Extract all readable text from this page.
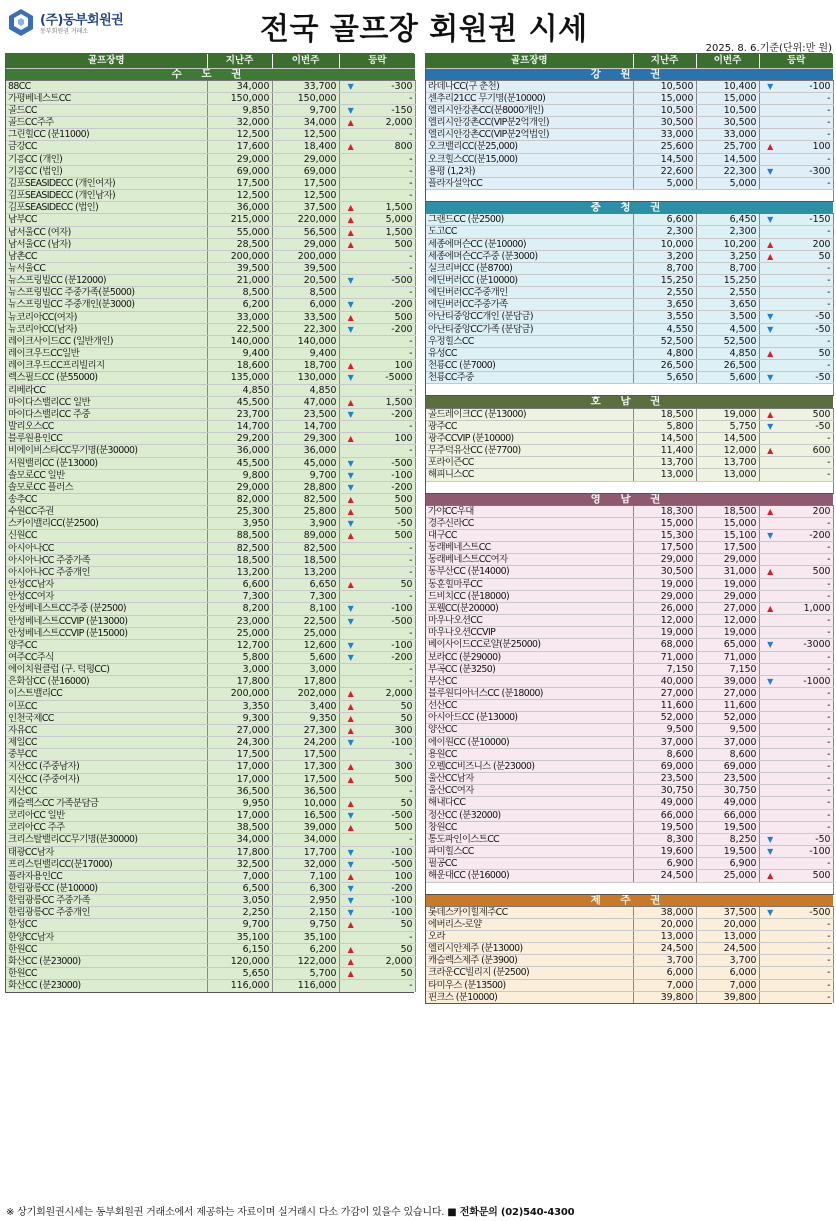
(주)동부회원권
동부회원권 거래소	전국 골프장 회원권 시세
2025. 8. 6.기준(단위:만 원)
골프장명	지난주	이번주	등락	
수 도 권				
88CC	34,000	33,700	▼	-300
가평베네스트CC	150,000	150,000		-
골드CC	9,850	9,700	▼	-150
골드CC주주	32,000	34,000	▲	2,000
그린힐CC (분11000)	12,500	12,500		-
금강CC	17,600	18,400	▲	800
기흥CC (개인)	29,000	29,000		-
기흥CC (법인)	69,000	69,000		-
김포SEASIDECC (개인여자)	17,500	17,500		-
김포SEASIDECC (개인남자)	12,500	12,500		-
김포SEASIDECC (법인)	36,000	37,500	▲	1,500
남부CC	215,000	220,000	▲	5,000
남서울CC (여자)	55,000	56,500	▲	1,500
남서울CC (남자)	28,500	29,000	▲	500
남촌CC	200,000	200,000		-
뉴서울CC	39,500	39,500		-
뉴스프링빌CC (분12000)	21,000	20,500	▼	-500
뉴스프링빌CC 주중가족(분5000)	8,500	8,500		-
뉴스프링빌CC 주중개인(분3000)	6,200	6,000	▼	-200
뉴코리아CC(여자)	33,000	33,500	▲	500
뉴코리아CC(남자)	22,500	22,300	▼	-200
레이크사이드CC (일반개인)	140,000	140,000		-
레이크우드CC일반	9,400	9,400		-
레이크우드CC프리빌리지	18,600	18,700	▲	100
렉스필드CC (분55000)	135,000	130,000	▼	-5000
리베라CC	4,850	4,850		-
마이다스밸리CC 일반	45,500	47,000	▲	1,500
마이다스밸리CC 주중	23,700	23,500	▼	-200
발리오스CC	14,700	14,700		-
블루원용인CC	29,200	29,300	▲	100
비에이비스타CC무기명(분30000)	36,000	36,000		-
서원밸리CC (분13000)	45,500	45,000	▼	-500
솔모로CC 일반	9,800	9,700	▼	-100
솔모로CC 플러스	29,000	28,800	▼	-200
송추CC	82,000	82,500	▲	500
수원CC주권	25,300	25,800	▲	500
스카이밸리CC(분2500)	3,950	3,900	▼	-50
신원CC	88,500	89,000	▲	500
아시아나CC	82,500	82,500		-
아시아나CC 주중가족	18,500	18,500		-
아시아나CC 주중개인	13,200	13,200		-
안성CC남자	6,600	6,650	▲	50
안성CC여자	7,300	7,300		-
안성베네스트CC주중 (분2500)	8,200	8,100	▼	-100
안성베네스트CCVIP (분13000)	23,000	22,500	▼	-500
안성베네스트CCVIP (분15000)	25,000	25,000		-
양주CC	12,700	12,600	▼	-100
여주CC주식	5,800	5,600	▼	-200
에이치원클럽 (구. 덕평CC)	3,000	3,000		-
은화삼CC (분16000)	17,800	17,800		-
이스트밸리CC	200,000	202,000	▲	2,000
이포CC	3,350	3,400	▲	50
인천국제CC	9,300	9,350	▲	50
자유CC	27,000	27,300	▲	300
제일CC	24,300	24,200	▼	-100
중부CC	17,500	17,500		-
지산CC (주중남자)	17,000	17,300	▲	300
지산CC (주중여자)	17,000	17,500	▲	500
지산CC	36,500	36,500		-
캐슬렉스CC 가족분담금	9,950	10,000	▲	50
코리아CC 일반	17,000	16,500	▼	-500
코리아CC 주주	38,500	39,000	▲	500
크리스탈밸리CC무기명(분30000)	34,000	34,000		-
태광CC남자	17,800	17,700	▼	-100
프리스틴밸리CC(분17000)	32,500	32,000	▼	-500
플라자용인CC	7,000	7,100	▲	100
한림광릉CC (분10000)	6,500	6,300	▼	-200
한림광릉CC 주중가족	3,050	2,950	▼	-100
한림광릉CC 주중개인	2,250	2,150	▼	-100
한성CC	9,700	9,750	▲	50
한양CC남자	35,100	35,100		-
한원CC	6,150	6,200	▲	50
화산CC (분23000)	120,000	122,000	▲	2,000
한원CC	5,650	5,700	▲	50
화산CC (분23000)	116,000	116,000		-
골프장명	지난주	이번주	등락	
강 원 권				
라데나CC(구 춘천)	10,500	10,400	▼	-100
센추리21CC 무기명(분10000)	15,000	15,000		-
엘리시안강촌CC(분8000개인)	10,500	10,500		-
엘리시안강촌CC(VIP분2억개인)	30,500	30,500		-
엘리시안강촌CC(VIP분2억법인)	33,000	33,000		-
오크밸리CC(분25,000)	25,600	25,700	▲	100
오크힐스CC(분15,000)	14,500	14,500		-
용평 (1,2차)	22,600	22,300	▼	-300
플라자설악CC	5,000	5,000		-

충 청 권				
그랜드CC (분2500)	6,600	6,450	▼	-150
도고CC	2,300	2,300		-
세종에머슨CC (분10000)	10,000	10,200	▲	200
세종에머슨CC주중 (분3000)	3,200	3,250	▲	50
실크리버CC (분8700)	8,700	8,700		-
에딘버러CC (분10000)	15,250	15,250		-
에딘버러CC주중개인	2,550	2,550		-
에딘버러CC주중가족	3,650	3,650		-
아난티중앙CC개인 (분담금)	3,550	3,500	▼	-50
아난티중앙CC가족 (분담금)	4,550	4,500	▼	-50
우정힐스CC	52,500	52,500		-
유성CC	4,800	4,850	▲	50
천룡CC (분7000)	26,500	26,500		-
천룡CC주중	5,650	5,600	▼	-50

호 남 권				
골드레이크CC (분13000)	18,500	19,000	▲	500
광주CC	5,800	5,750	▼	-50
광주CCVIP (분10000)	14,500	14,500		-
무주덕유산CC (분7700)	11,400	12,000	▲	600
포라이즌CC	13,700	13,700		-
해피니스CC	13,000	13,000		-

영 남 권				
가야CC우대	18,300	18,500	▲	200
경주신라CC	15,000	15,000		-
대구CC	15,300	15,100	▼	-200
동래베네스트CC	17,500	17,500		-
동래베네스트CC여자	29,000	29,000		-
동부산CC (분14000)	30,500	31,000	▲	500
동훈힐마루CC	19,000	19,000		-
드비치CC (분18000)	29,000	29,000		-
포웰CC(분20000)	26,000	27,000	▲	1,000
마우나오션CC	12,000	12,000		-
마우나오션CCVIP	19,000	19,000		-
베이사이드CC로얄(분25000)	68,000	65,000	▼	-3000
보라CC (분29000)	71,000	71,000		-
부곡CC (분3250)	7,150	7,150		-
부산CC	40,000	39,000	▼	-1000
블루원디아너스CC (분18000)	27,000	27,000		-
선산CC	11,600	11,600		-
아시아드CC (분13000)	52,000	52,000		-
양산CC	9,500	9,500		-
에이원CC (분10000)	37,000	37,000		-
용원CC	8,600	8,600		-
오펠CC비즈니스 (분23000)	69,000	69,000		-
울산CC남자	23,500	23,500		-
울산CC여자	30,750	30,750		-
해내다CC	49,000	49,000		-
정산CC (분32000)	66,000	66,000		-
창원CC	19,500	19,500		-
통도파인이스트CC	8,300	8,250	▼	-50
파미힐스CC	19,600	19,500	▼	-100
필공CC	6,900	6,900		-
해운대CC (분16000)	24,500	25,000	▲	500

제 주 권				
롯데스카이힐제주CC	38,000	37,500	▼	-500
에버리스-로얄	20,000	20,000		-
오라	13,000	13,000		-
엘리시안제주 (분13000)	24,500	24,500		-
캐슬렉스제주 (분3900)	3,700	3,700		-
크라운CC빌리지 (분2500)	6,000	6,000		-
타미우스 (분13500)	7,000	7,000		-
핀크스 (분10000)	39,800	39,800		-
※ 상기회원권시세는 동부회원권 거래소에서 제공하는 자료이며 실거래시 다소 가감이 있을수 있습니다. ■ 전화문의 (02)540-4300
